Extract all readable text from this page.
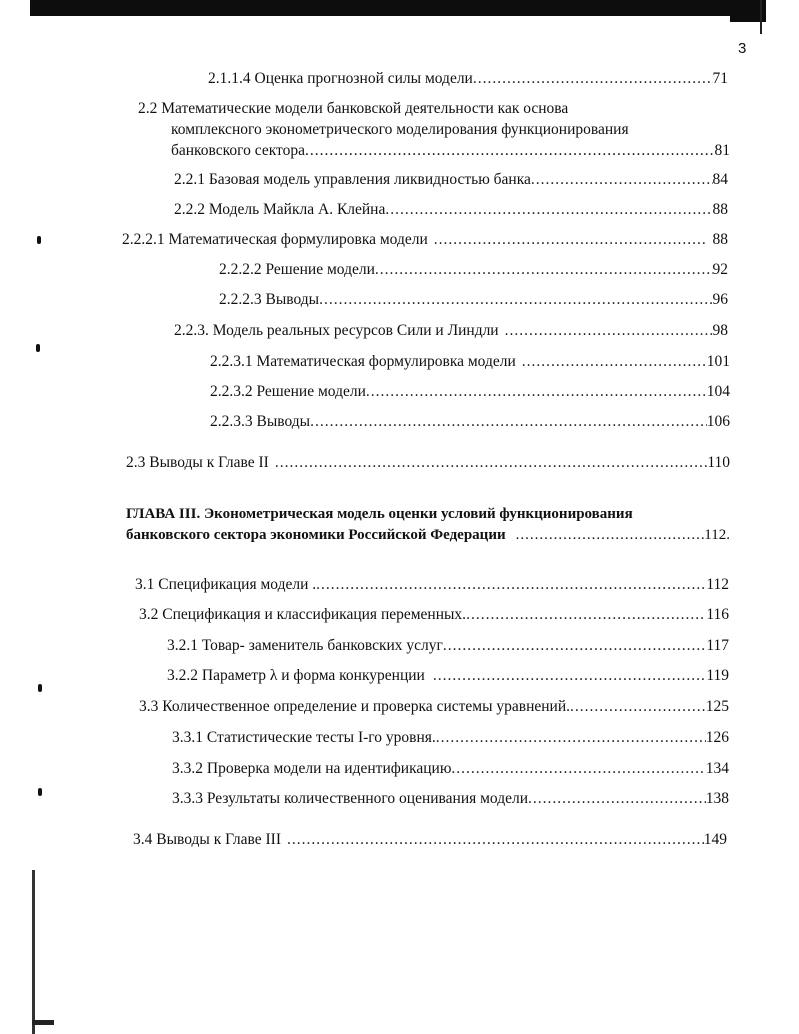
3
2.1.1.4 Оценка прогнозной силы модели .....	71
2.2 Математические модели банковской деятельности как основа
комплексного эконометрического моделирования функционирования
банковского сектора .....	81
2.2.1 Базовая модель управления ликвидностью банка .....	84
2.2.2 Модель Майкла А. Клейна .....	88
2.2.2.1 Математическая формулировка модели .....	88
2.2.2.2 Решение модели .....	92
2.2.2.3 Выводы .....	96
2.2.3. Модель реальных ресурсов Сили и Линдли .....	98
2.2.3.1 Математическая формулировка модели .....	101
2.2.3.2 Решение модели .....	104
2.2.3.3 Выводы .....	106
2.3 Выводы к Главе II .....	110
ГЛАВА III. Эконометрическая модель оценки условий функционирования
банковского сектора экономики Российской Федерации .....	112.
3.1 Спецификация модели . .....	112
3.2 Спецификация и классификация переменных. .....	116
3.2.1 Товар- заменитель банковских услуг .....	117
3.2.2 Параметр λ и форма конкуренции .....	119
3.3 Количественное определение и проверка системы уравнений. .....	125
3.3.1 Статистические тесты I-го уровня. .....	126
3.3.2 Проверка модели на идентификацию .....	134
3.3.3 Результаты количественного оценивания модели .....	138
3.4 Выводы к Главе III .....	149
